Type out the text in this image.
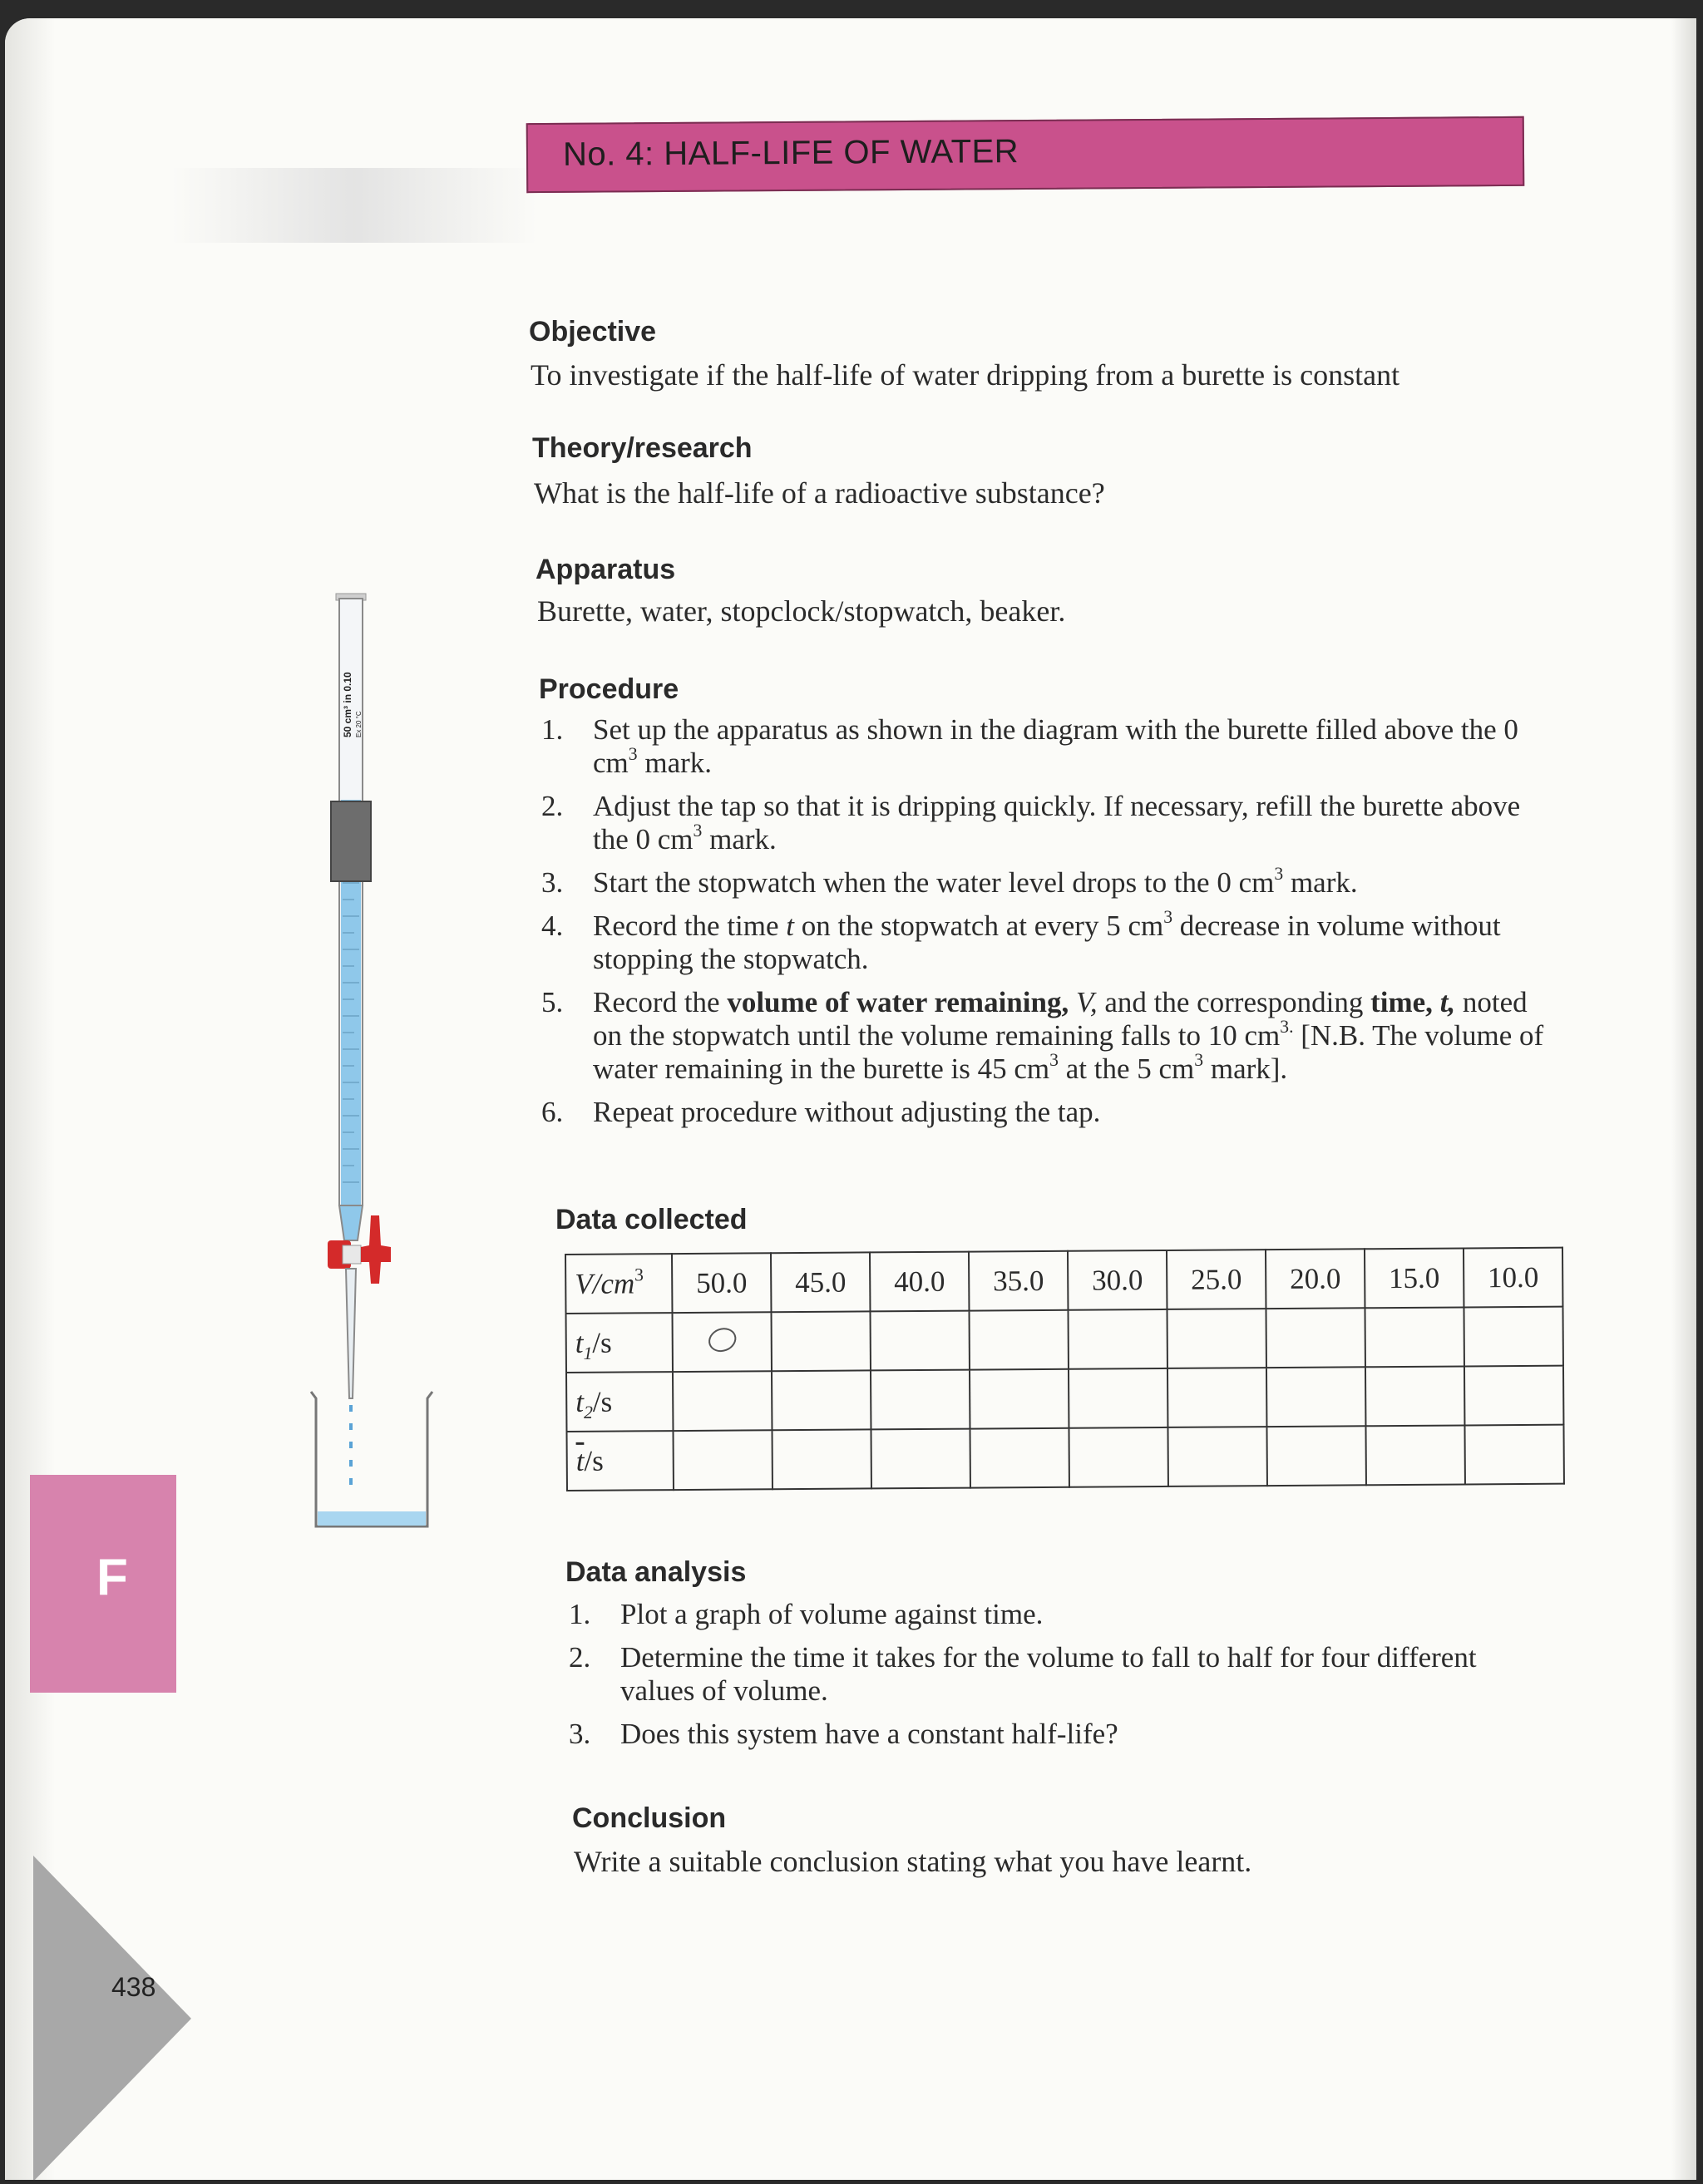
No. 4: HALF-LIFE OF WATER
Objective
To investigate if the half-life of water dripping from a burette is constant
Theory/research
What is the half-life of a radioactive substance?
Apparatus
Burette, water, stopclock/stopwatch, beaker.
Procedure
1.	Set up the apparatus as shown in the diagram with the burette filled above the 0 $cm^3$ mark.
2.	Adjust the tap so that it is dripping quickly. If necessary, refill the burette above the 0 $cm^3$ mark.
3.	Start the stopwatch when the water level drops to the 0 $cm^3$ mark.
4.	Record the time t on the stopwatch at every 5 $cm^3$ decrease in volume without stopping the stopwatch.
5.	Record the volume of water remaining, V, and the corresponding time, t, noted on the stopwatch until the volume remaining falls to 10 $cm^{3.}$ [N.B. The volume of water remaining in the burette is 45 $cm^3$ at the 5 $cm^3$ mark].
6.	Repeat procedure without adjusting the tap.
Data collected
$V/cm^3$	50.0	45.0	40.0	35.0	30.0	25.0	20.0	15.0	10.0
$t_1/s$									
$t_2/s$									
$\overline{t}/s$									
Data analysis
1.	Plot a graph of volume against time.
2.	Determine the time it takes for the volume to fall to half for four different values of volume.
3.	Does this system have a constant half-life?
Conclusion
Write a suitable conclusion stating what you have learnt.
50 cm³ in 0.10 Ex 20 °C
F
438
